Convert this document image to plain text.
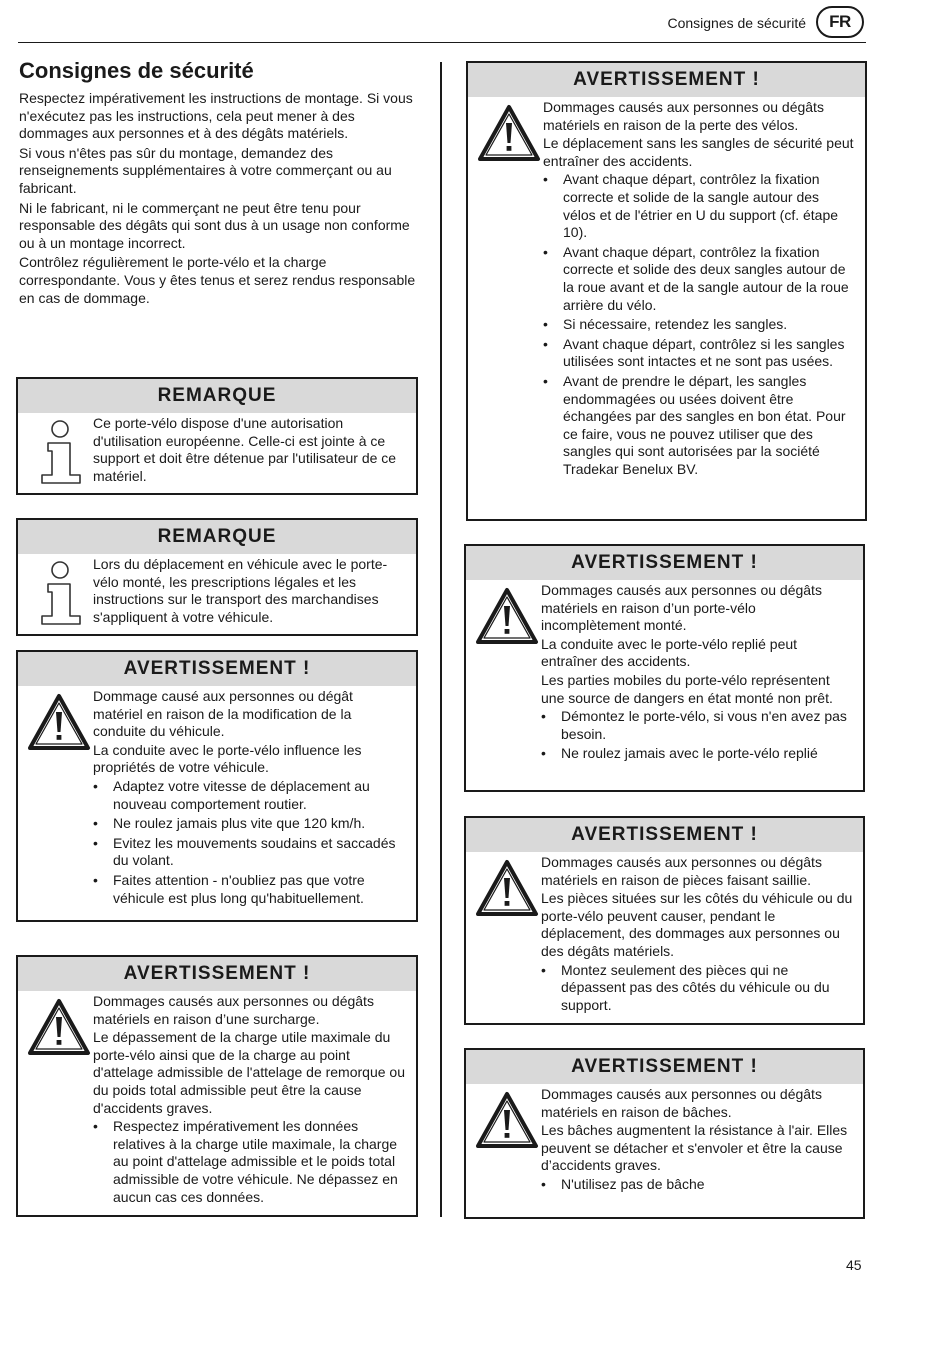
Consignes de sécurité	FR
Consignes de sécurité

Respectez impérativement les instructions de montage. Si vous n'exécutez pas les instructions, cela peut mener à des dommages aux personnes et à des dégâts matériels.

Si vous n'êtes pas sûr du montage, demandez des renseignements supplémentaires à votre commerçant ou au fabricant.

Ni le fabricant, ni le commerçant ne peut être tenu pour responsable des dégâts qui sont dus à un usage non conforme ou à un montage incorrect.

Contrôlez régulièrement le porte-vélo et la charge correspondante. Vous y êtes tenus et serez rendus responsable en cas de dommage.

REMARQUE

Ce porte-vélo dispose d'une autorisation d'utilisation européenne. Celle-ci est jointe à ce support et doit être détenue par l'utilisateur de ce matériel.

REMARQUE

Lors du déplacement en véhicule avec le porte-vélo monté, les prescriptions légales et les instructions sur le transport des marchandises s'appliquent à votre véhicule.

AVERTISSEMENT !

Dommage causé aux personnes ou dégât matériel en raison de la modification de la conduite du véhicule.

La conduite avec le porte-vélo influence les propriétés de votre véhicule.

• Adaptez votre vitesse de déplacement au nouveau comportement routier.
• Ne roulez jamais plus vite que 120 km/h.
• Evitez les mouvements soudains et saccadés du volant.
• Faites attention - n'oubliez pas que votre véhicule est plus long qu'habituellement.
AVERTISSEMENT !

Dommages causés aux personnes ou dégâts matériels en raison d’une surcharge.

Le dépassement de la charge utile maximale du porte-vélo ainsi que de la charge au point d'attelage admissible de l'attelage de remorque ou du poids total admissible peut être la cause d'accidents graves.

• Respectez impérativement les données relatives à la charge utile maximale, la charge au point d'attelage admissible et le poids total admissible de votre véhicule. Ne dépassez en aucun cas ces données.
AVERTISSEMENT !

Dommages causés aux personnes ou dégâts matériels en raison de la perte des vélos.

Le déplacement sans les sangles de sécurité peut entraîner des accidents.

• Avant chaque départ, contrôlez la fixation correcte et solide de la sangle autour des vélos et de l'étrier en U du support (cf. étape 10).
• Avant chaque départ, contrôlez la fixation correcte et solide des deux sangles autour de la roue avant et de la sangle autour de la roue arrière du vélo.
• Si nécessaire, retendez les sangles.
• Avant chaque départ, contrôlez si les sangles utilisées sont intactes et ne sont pas usées.
• Avant de prendre le départ, les sangles endommagées ou usées doivent être échangées par des sangles en bon état. Pour ce faire, vous ne pouvez utiliser que des sangles qui sont autorisées par la société Tradekar Benelux BV.
AVERTISSEMENT !

Dommages causés aux personnes ou dégâts matériels en raison d’un porte-vélo incomplètement monté.

La conduite avec le porte-vélo replié peut entraîner des accidents.

Les parties mobiles du porte-vélo représentent une source de dangers en état monté non prêt.

• Démontez le porte-vélo, si vous n'en avez pas besoin.
• Ne roulez jamais avec le porte-vélo replié
AVERTISSEMENT !

Dommages causés aux personnes ou dégâts matériels en raison de pièces faisant saillie.

Les pièces situées sur les côtés du véhicule ou du porte-vélo peuvent causer, pendant le déplacement, des dommages aux personnes ou des dégâts matériels.

• Montez seulement des pièces qui ne dépassent pas des côtés du véhicule ou du support.
AVERTISSEMENT !

Dommages causés aux personnes ou dégâts matériels en raison de bâches.

Les bâches augmentent la résistance à l'air. Elles peuvent se détacher et s'envoler et être la cause d’accidents graves.

• N'utilisez pas de bâche
45
